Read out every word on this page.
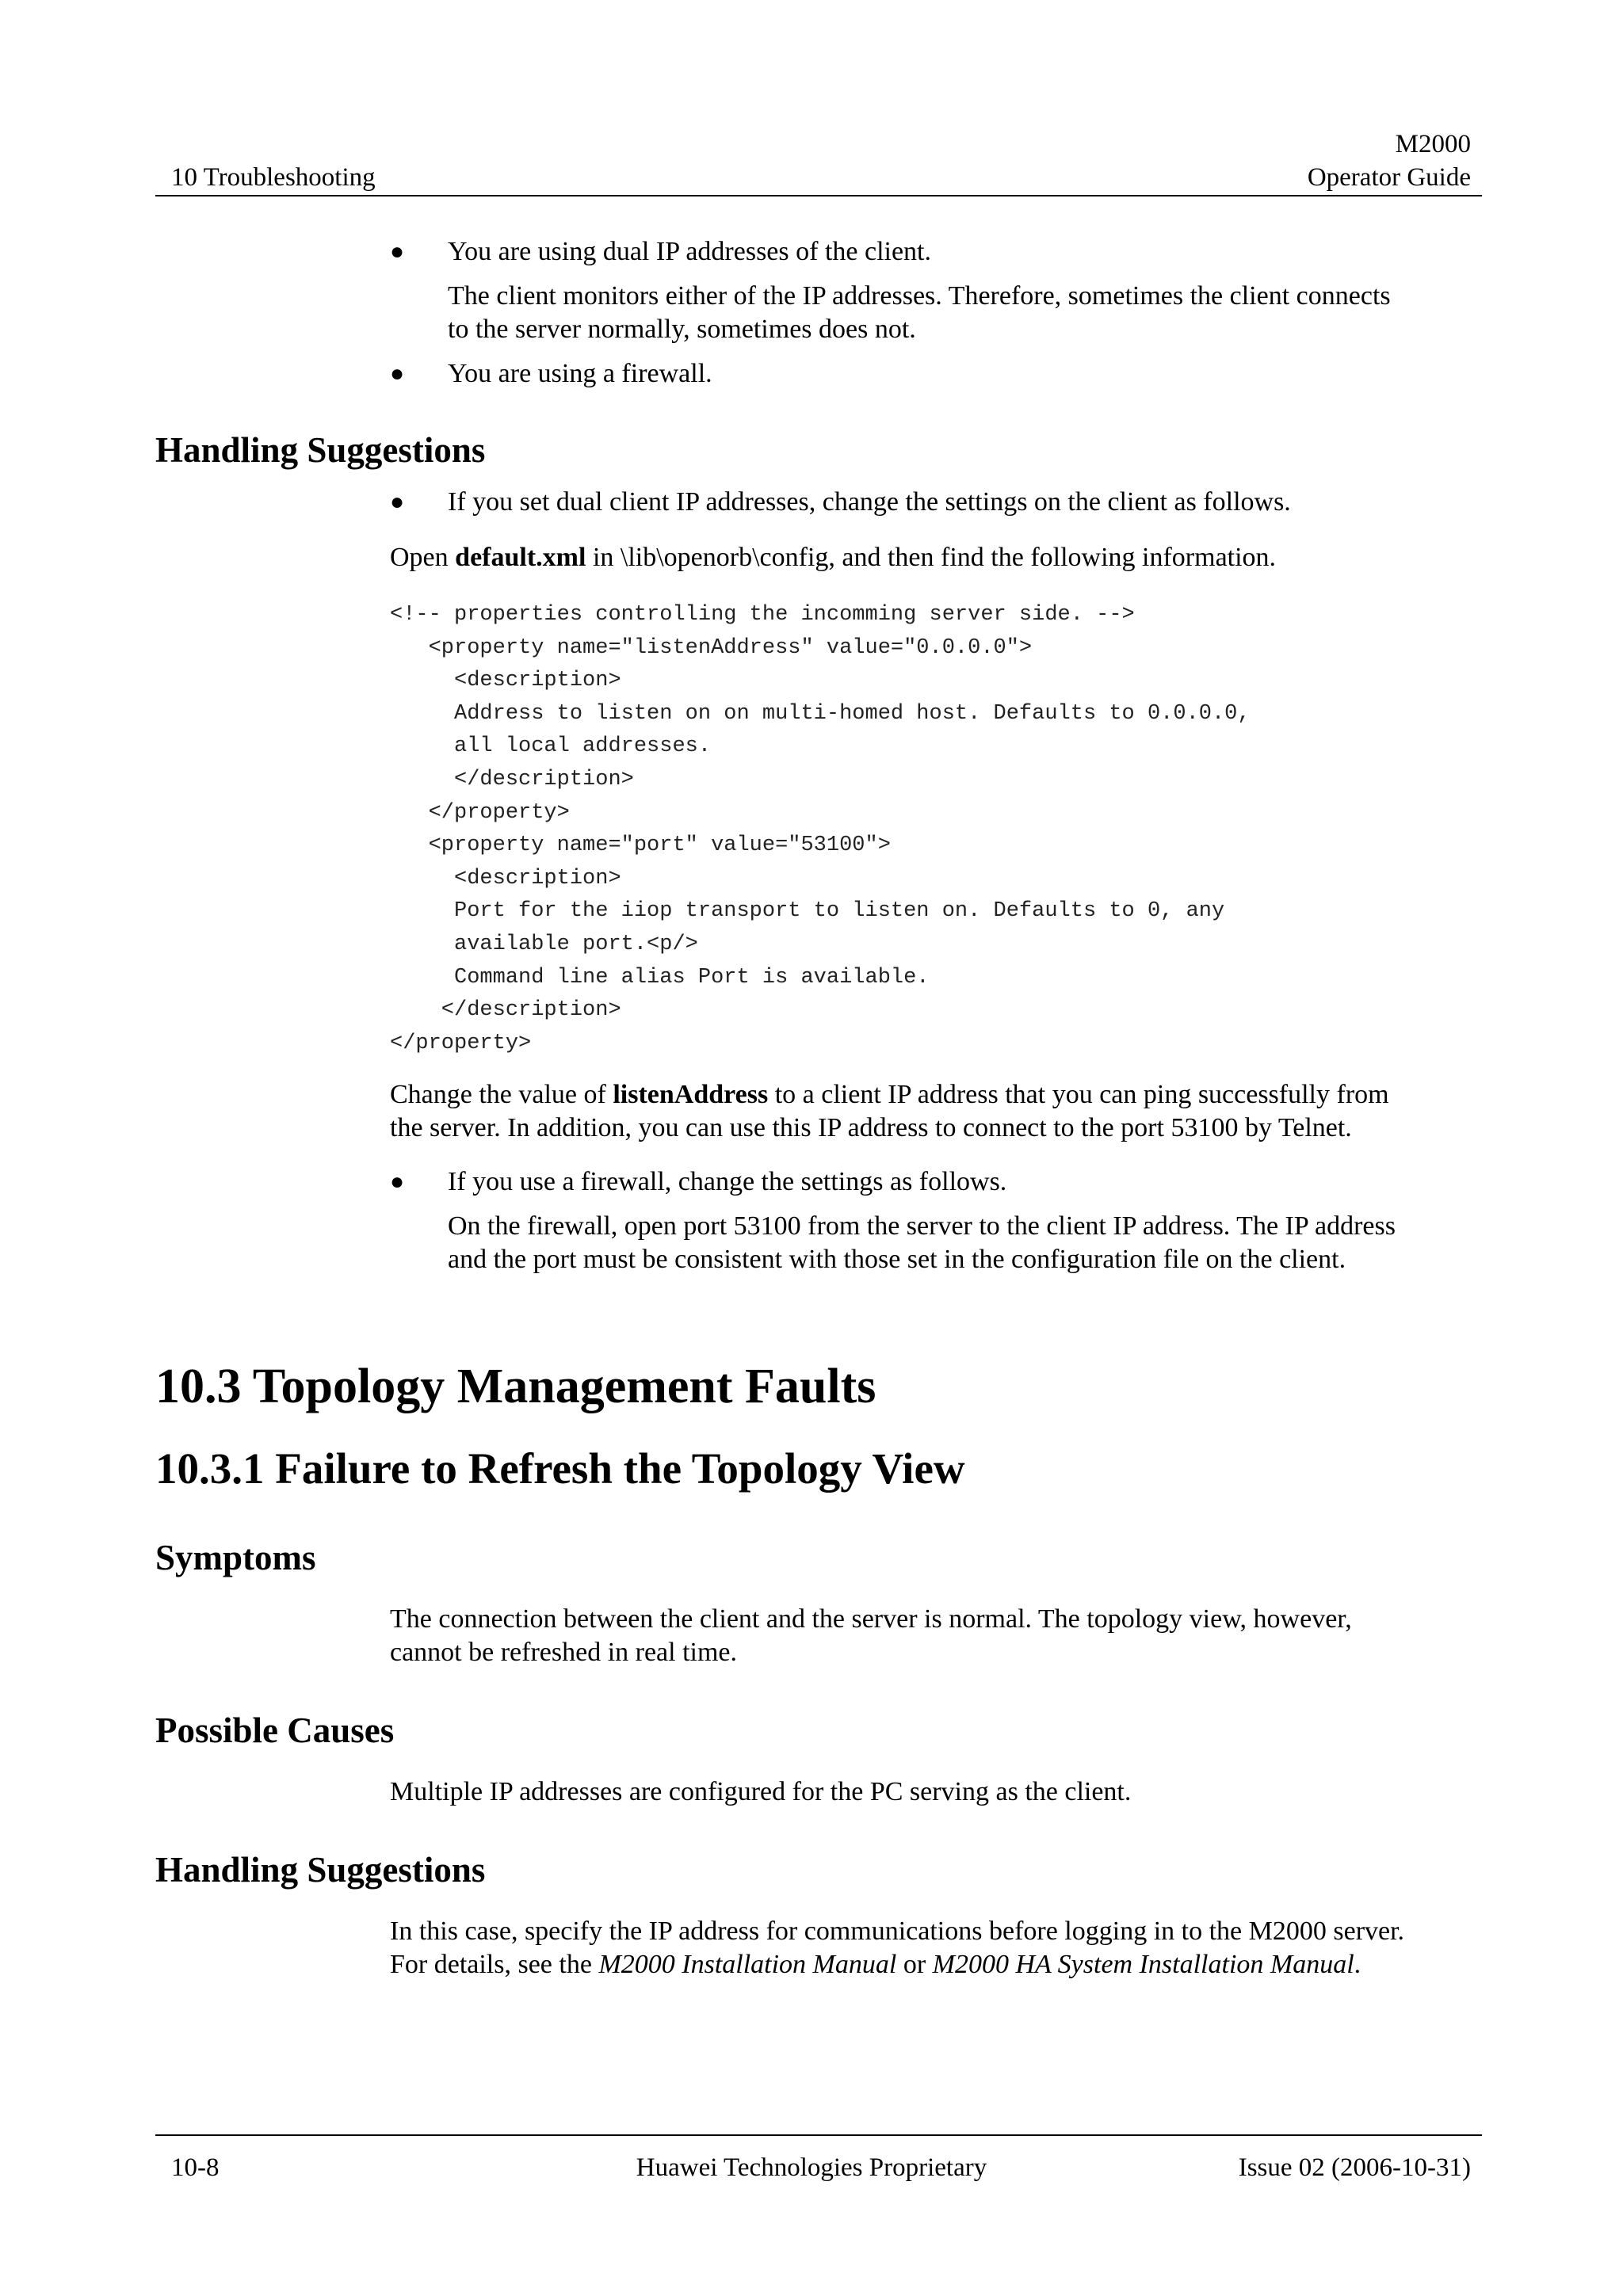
M2000
10 Troubleshooting	Operator Guide
● You are using dual IP addresses of the client.
The client monitors either of the IP addresses. Therefore, sometimes the client connects
to the server normally, sometimes does not.
● You are using a firewall.
Handling Suggestions
● If you set dual client IP addresses, change the settings on the client as follows.
Open default.xml in \lib\openorb\config, and then find the following information.
<!-- properties controlling the incomming server side. -->
<property name="listenAddress" value="0.0.0.0">
<description>
Address to listen on on multi-homed host. Defaults to 0.0.0.0,
all local addresses.
</description>
</property>
<property name="port" value="53100">
<description>
Port for the iiop transport to listen on. Defaults to 0, any
available port.<p/>
Command line alias Port is available.
</description>
</property>
Change the value of listenAddress to a client IP address that you can ping successfully from
the server. In addition, you can use this IP address to connect to the port 53100 by Telnet.
● If you use a firewall, change the settings as follows.
On the firewall, open port 53100 from the server to the client IP address. The IP address
and the port must be consistent with those set in the configuration file on the client.
10.3 Topology Management Faults
10.3.1 Failure to Refresh the Topology View
Symptoms
The connection between the client and the server is normal. The topology view, however,
cannot be refreshed in real time.
Possible Causes
Multiple IP addresses are configured for the PC serving as the client.
Handling Suggestions
In this case, specify the IP address for communications before logging in to the M2000 server.
For details, see the M2000 Installation Manual or M2000 HA System Installation Manual.
10-8	Huawei Technologies Proprietary	Issue 02 (2006-10-31)
